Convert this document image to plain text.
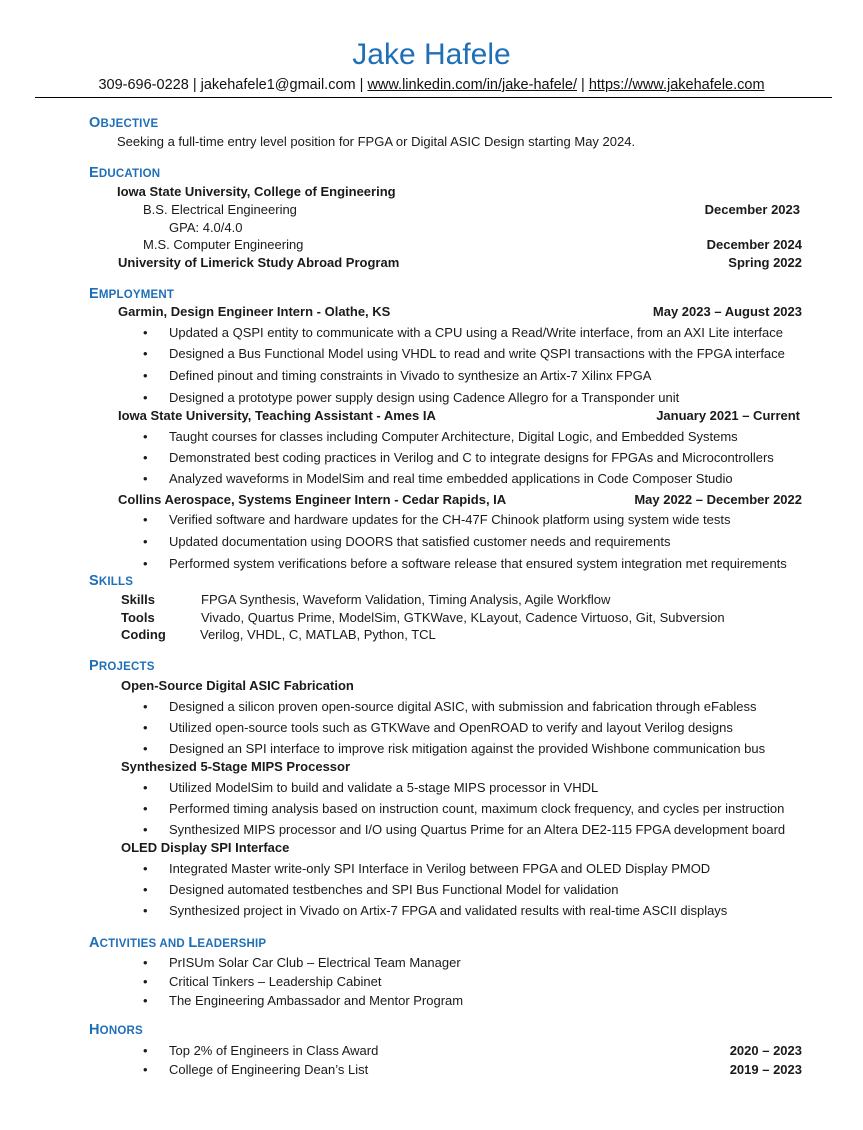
Jake Hafele
309-696-0228 | jakehafele1@gmail.com | www.linkedin.com/in/jake-hafele/ | https://www.jakehafele.com
OBJECTIVE
Seeking a full-time entry level position for FPGA or Digital ASIC Design starting May 2024.
EDUCATION
Iowa State University, College of Engineering
B.S. Electrical Engineering	December 2023
GPA: 4.0/4.0
M.S. Computer Engineering	December 2024
University of Limerick Study Abroad Program	Spring 2022
EMPLOYMENT
Garmin, Design Engineer Intern - Olathe, KS	May 2023 – August 2023
• Updated a QSPI entity to communicate with a CPU using a Read/Write interface, from an AXI Lite interface
• Designed a Bus Functional Model using VHDL to read and write QSPI transactions with the FPGA interface
• Defined pinout and timing constraints in Vivado to synthesize an Artix-7 Xilinx FPGA
• Designed a prototype power supply design using Cadence Allegro for a Transponder unit
Iowa State University, Teaching Assistant - Ames IA	January 2021 – Current
• Taught courses for classes including Computer Architecture, Digital Logic, and Embedded Systems
• Demonstrated best coding practices in Verilog and C to integrate designs for FPGAs and Microcontrollers
• Analyzed waveforms in ModelSim and real time embedded applications in Code Composer Studio
Collins Aerospace, Systems Engineer Intern - Cedar Rapids, IA	May 2022 – December 2022
• Verified software and hardware updates for the CH-47F Chinook platform using system wide tests
• Updated documentation using DOORS that satisfied customer needs and requirements
• Performed system verifications before a software release that ensured system integration met requirements
SKILLS
Skills	FPGA Synthesis, Waveform Validation, Timing Analysis, Agile Workflow
Tools	Vivado, Quartus Prime, ModelSim, GTKWave, KLayout, Cadence Virtuoso, Git, Subversion
Coding	Verilog, VHDL, C, MATLAB, Python, TCL
PROJECTS
Open-Source Digital ASIC Fabrication
• Designed a silicon proven open-source digital ASIC, with submission and fabrication through eFabless
• Utilized open-source tools such as GTKWave and OpenROAD to verify and layout Verilog designs
• Designed an SPI interface to improve risk mitigation against the provided Wishbone communication bus
Synthesized 5-Stage MIPS Processor
• Utilized ModelSim to build and validate a 5-stage MIPS processor in VHDL
• Performed timing analysis based on instruction count, maximum clock frequency, and cycles per instruction
• Synthesized MIPS processor and I/O using Quartus Prime for an Altera DE2-115 FPGA development board
OLED Display SPI Interface
• Integrated Master write-only SPI Interface in Verilog between FPGA and OLED Display PMOD
• Designed automated testbenches and SPI Bus Functional Model for validation
• Synthesized project in Vivado on Artix-7 FPGA and validated results with real-time ASCII displays
ACTIVITIES AND LEADERSHIP
• PrISUm Solar Car Club – Electrical Team Manager
• Critical Tinkers – Leadership Cabinet
• The Engineering Ambassador and Mentor Program
HONORS
• Top 2% of Engineers in Class Award	2020 – 2023
• College of Engineering Dean’s List	2019 – 2023
